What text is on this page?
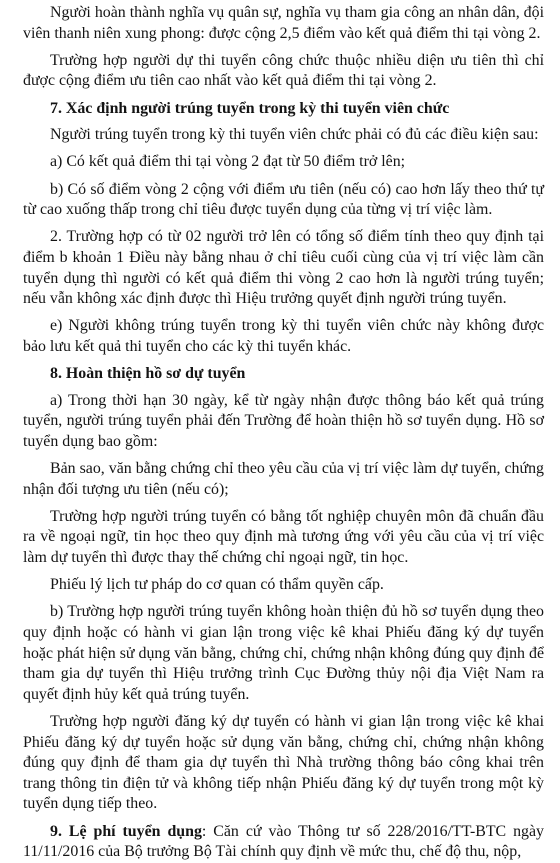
Người hoàn thành nghĩa vụ quân sự, nghĩa vụ tham gia công an nhân dân, đội viên thanh niên xung phong: được cộng 2,5 điểm vào kết quả điểm thi tại vòng 2.

Trường hợp người dự thi tuyển công chức thuộc nhiều diện ưu tiên thì chỉ được cộng điểm ưu tiên cao nhất vào kết quả điểm thi tại vòng 2.

7. Xác định người trúng tuyển trong kỳ thi tuyển viên chức

Người trúng tuyển trong kỳ thi tuyển viên chức phải có đủ các điều kiện sau:

a) Có kết quả điểm thi tại vòng 2 đạt từ 50 điểm trở lên;

b) Có số điểm vòng 2 cộng với điểm ưu tiên (nếu có) cao hơn lấy theo thứ tự từ cao xuống thấp trong chỉ tiêu được tuyển dụng của từng vị trí việc làm.

2. Trường hợp có từ 02 người trở lên có tổng số điểm tính theo quy định tại điểm b khoản 1 Điều này bằng nhau ở chỉ tiêu cuối cùng của vị trí việc làm cần tuyển dụng thì người có kết quả điểm thi vòng 2 cao hơn là người trúng tuyển; nếu vẫn không xác định được thì Hiệu trưởng quyết định người trúng tuyển.

e) Người không trúng tuyển trong kỳ thi tuyển viên chức này không được bảo lưu kết quả thi tuyển cho các kỳ thi tuyển khác.

8. Hoàn thiện hồ sơ dự tuyển

a) Trong thời hạn 30 ngày, kể từ ngày nhận được thông báo kết quả trúng tuyển, người trúng tuyển phải đến Trường để hoàn thiện hồ sơ tuyển dụng. Hồ sơ tuyển dụng bao gồm:

Bản sao, văn bằng chứng chỉ theo yêu cầu của vị trí việc làm dự tuyển, chứng nhận đối tượng ưu tiên (nếu có);

Trường hợp người trúng tuyển có bằng tốt nghiệp chuyên môn đã chuẩn đầu ra về ngoại ngữ, tin học theo quy định mà tương ứng với yêu cầu của vị trí việc làm dự tuyển thì được thay thế chứng chỉ ngoại ngữ, tin học.

Phiếu lý lịch tư pháp do cơ quan có thẩm quyền cấp.

b) Trường hợp người trúng tuyển không hoàn thiện đủ hồ sơ tuyển dụng theo quy định hoặc có hành vi gian lận trong việc kê khai Phiếu đăng ký dự tuyển hoặc phát hiện sử dụng văn bằng, chứng chỉ, chứng nhận không đúng quy định để tham gia dự tuyển thì Hiệu trưởng trình Cục Đường thủy nội địa Việt Nam ra quyết định hủy kết quả trúng tuyển.

Trường hợp người đăng ký dự tuyển có hành vi gian lận trong việc kê khai Phiếu đăng ký dự tuyển hoặc sử dụng văn bằng, chứng chỉ, chứng nhận không đúng quy định để tham gia dự tuyển thì Nhà trường thông báo công khai trên trang thông tin điện tử và không tiếp nhận Phiếu đăng ký dự tuyển trong một kỳ tuyển dụng tiếp theo.

9. Lệ phí tuyển dụng: Căn cứ vào Thông tư số 228/2016/TT-BTC ngày 11/11/2016 của Bộ trưởng Bộ Tài chính quy định về mức thu, chế độ thu, nộp,
